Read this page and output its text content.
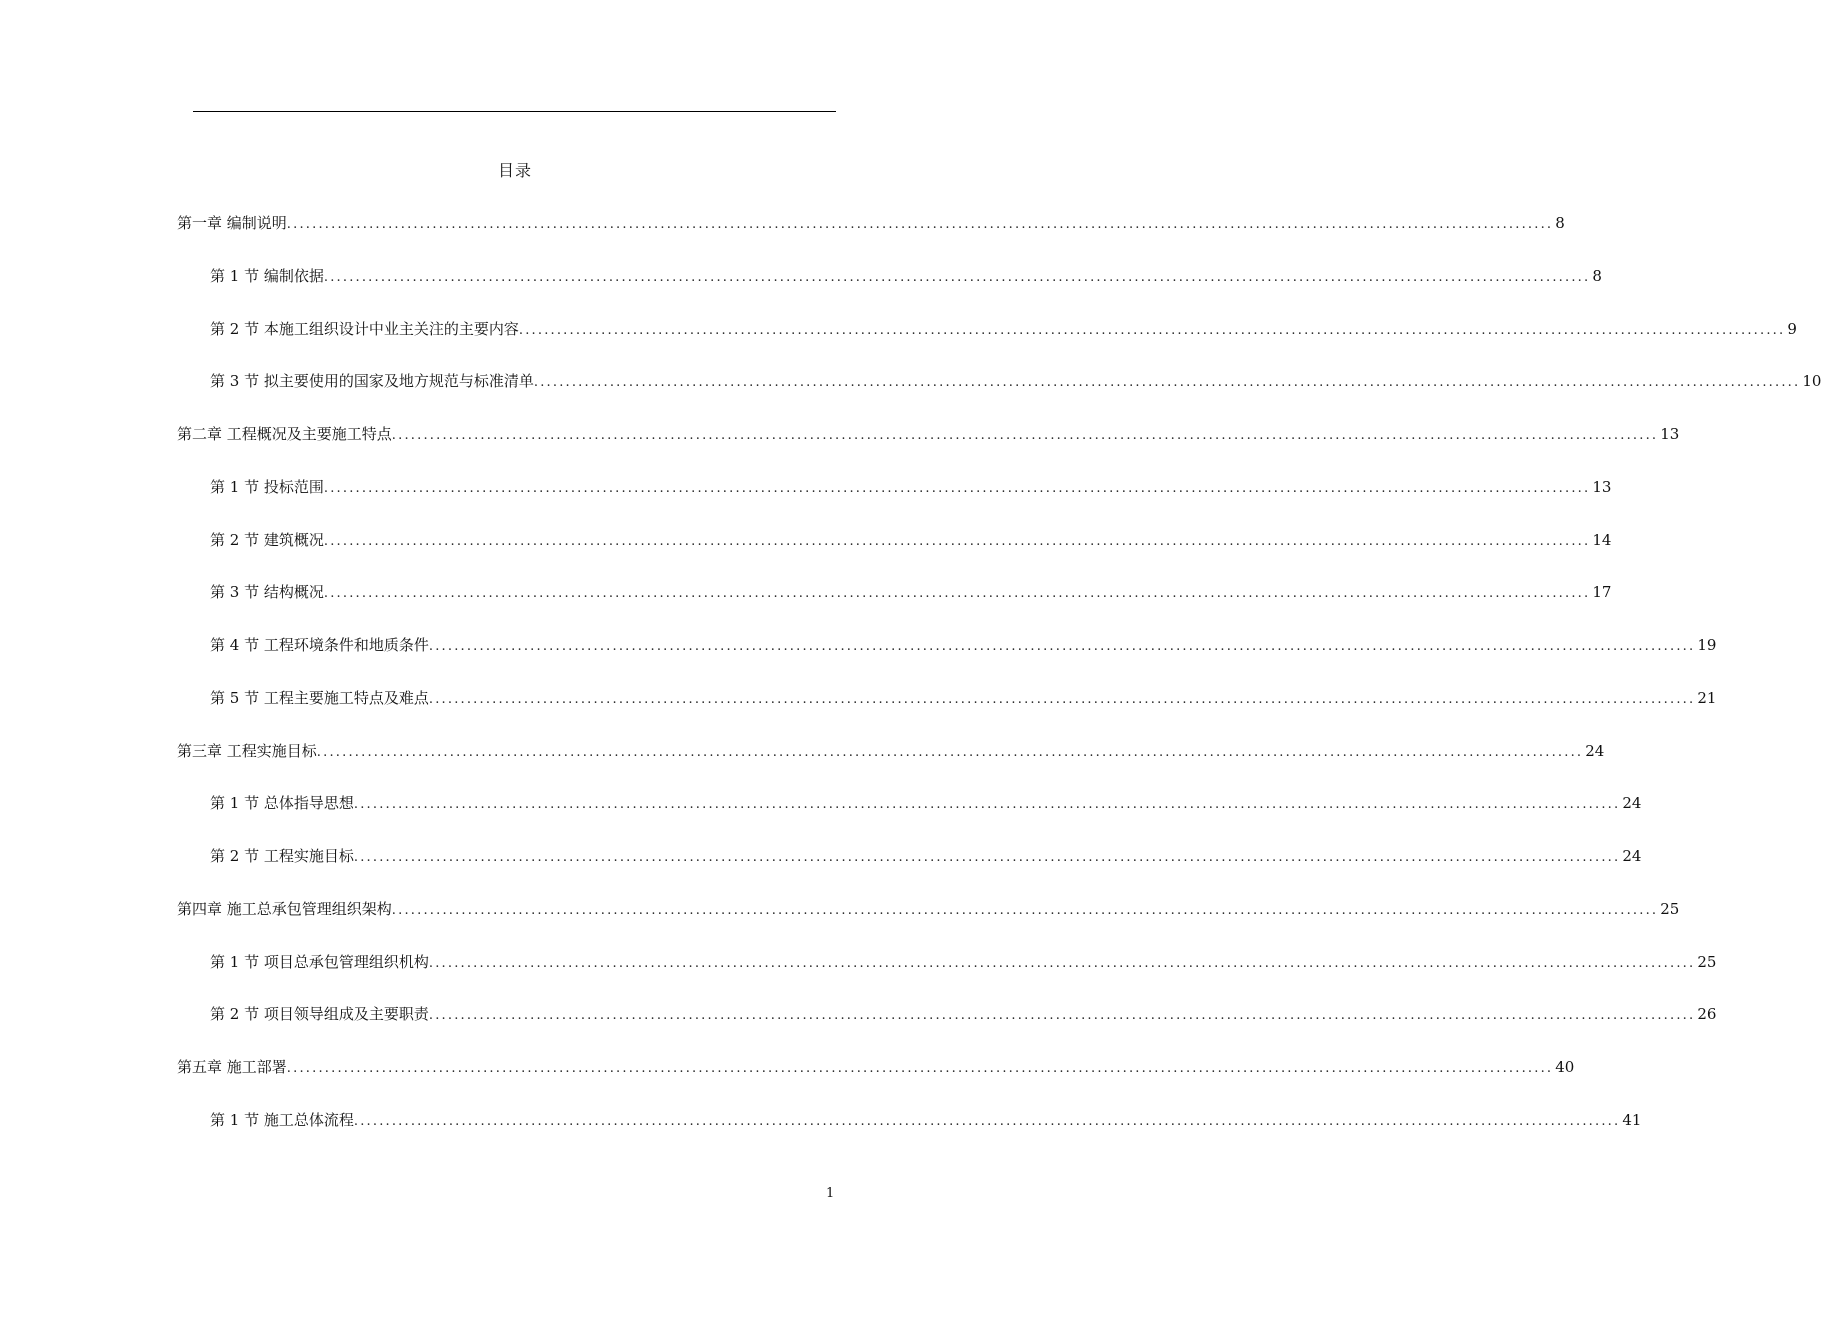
目录
第一章 编制说明 ........................................................................................................................................................................................................ 8
第 1 节 编制依据 ........................................................................................................................................................................................................ 8
第 2 节 本施工组织设计中业主关注的主要内容 ........................................................................................................................................................................................................ 9
第 3 节 拟主要使用的国家及地方规范与标准清单 ........................................................................................................................................................................................................ 10
第二章 工程概况及主要施工特点 ........................................................................................................................................................................................................ 13
第 1 节 投标范围 ........................................................................................................................................................................................................ 13
第 2 节 建筑概况 ........................................................................................................................................................................................................ 14
第 3 节 结构概况 ........................................................................................................................................................................................................ 17
第 4 节 工程环境条件和地质条件 ........................................................................................................................................................................................................ 19
第 5 节 工程主要施工特点及难点 ........................................................................................................................................................................................................ 21
第三章 工程实施目标 ........................................................................................................................................................................................................ 24
第 1 节 总体指导思想 ........................................................................................................................................................................................................ 24
第 2 节 工程实施目标 ........................................................................................................................................................................................................ 24
第四章 施工总承包管理组织架构 ........................................................................................................................................................................................................ 25
第 1 节 项目总承包管理组织机构 ........................................................................................................................................................................................................ 25
第 2 节 项目领导组成及主要职责 ........................................................................................................................................................................................................ 26
第五章 施工部署 ........................................................................................................................................................................................................ 40
第 1 节 施工总体流程 ........................................................................................................................................................................................................ 41
1
